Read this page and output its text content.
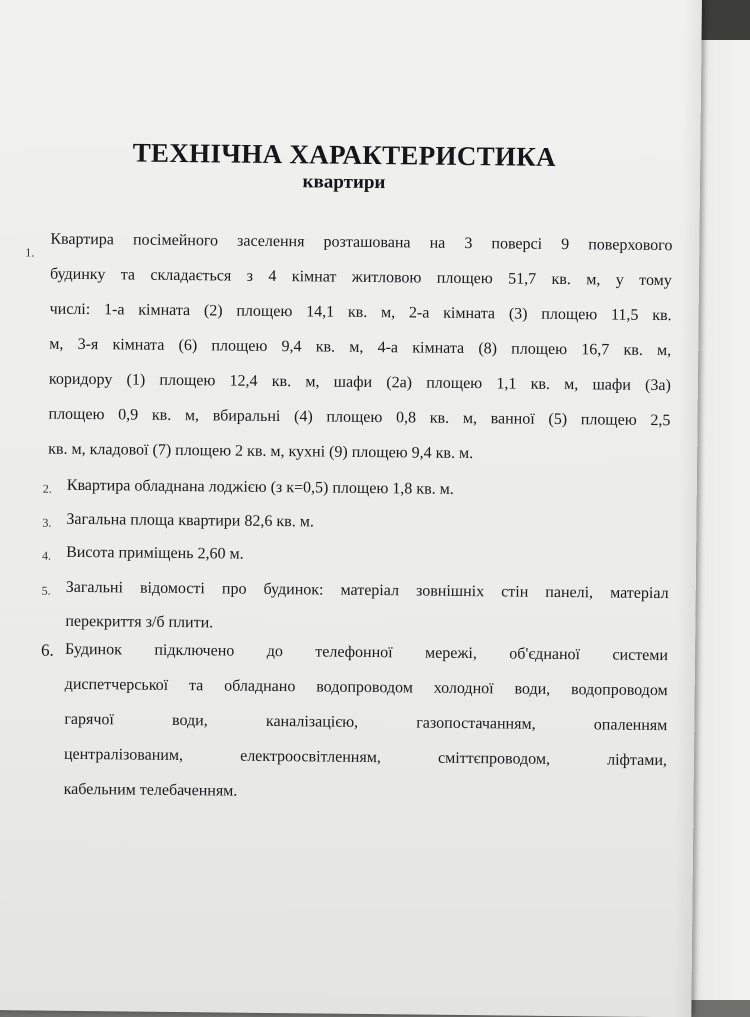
ТЕХНІЧНА ХАРАКТЕРИСТИКА
квартири
1.
Квартира посімейного заселення розташована на 3 поверсі 9 поверхового
будинку та складається з 4 кімнат житловою площею 51,7 кв. м, у тому
числі: 1-а кімната (2) площею 14,1 кв. м, 2-а кімната (3) площею 11,5 кв.
м, 3-я кімната (6) площею 9,4 кв. м, 4-а кімната (8) площею 16,7 кв. м,
коридору (1) площею 12,4 кв. м, шафи (2а) площею 1,1 кв. м, шафи (3а)
площею 0,9 кв. м, вбиральні (4) площею 0,8 кв. м, ванної (5) площею 2,5
кв. м, кладової (7) площею 2 кв. м, кухні (9) площею 9,4 кв. м.
2. Квартира обладнана лоджією (з к=0,5) площею 1,8 кв. м.
3. Загальна площа квартири 82,6 кв. м.
4. Висота приміщень 2,60 м.
5. Загальні відомості про будинок: матеріал зовнішніх стін панелі, матеріал
перекриття з/б плити.
6. Будинок підключено до телефонної мережі, об'єднаної системи
диспетчерської та обладнано водопроводом холодної води, водопроводом
гарячої	води,	каналізацією,	газопостачанням,	опаленням
централізованим,	електроосвітленням,	сміттєпроводом,	ліфтами,
кабельним телебаченням.
